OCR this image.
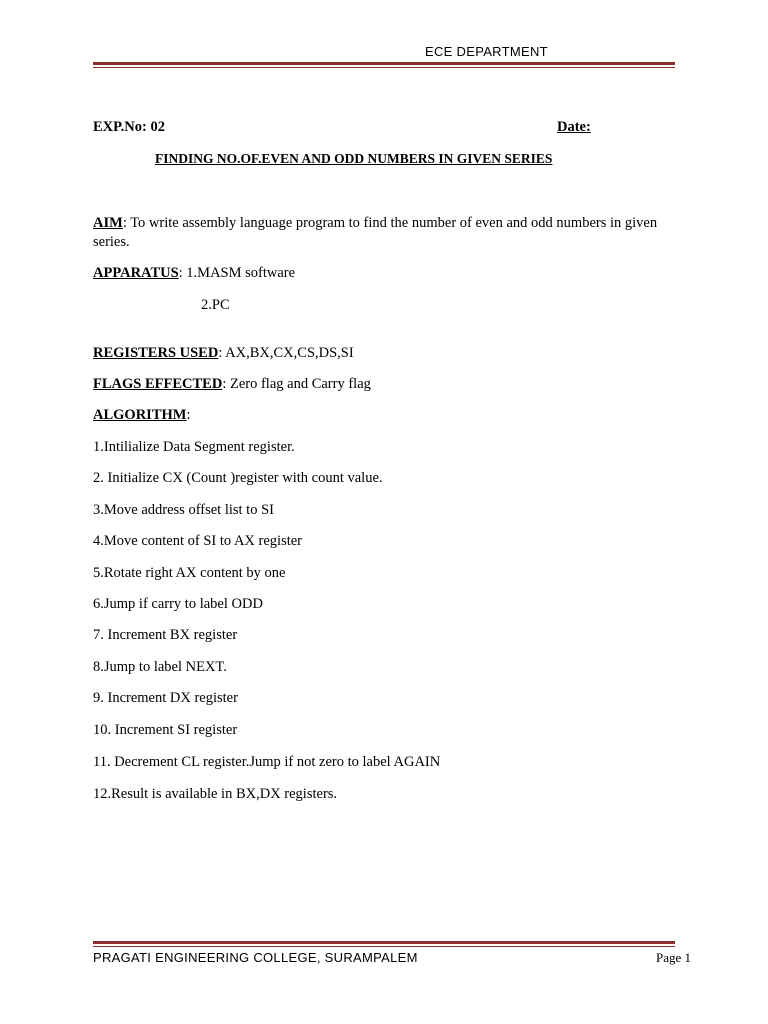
ECE DEPARTMENT
EXP.No: 02	Date:
FINDING NO.OF.EVEN AND ODD NUMBERS IN GIVEN SERIES
AIM: To write assembly language program to find the number of even and odd numbers in given series.
APPARATUS: 1.MASM software
2.PC
REGISTERS USED: AX,BX,CX,CS,DS,SI
FLAGS EFFECTED: Zero flag and Carry flag
ALGORITHM:
1.Intilialize Data Segment register.
2. Initialize CX (Count )register with count value.
3.Move address offset list to SI
4.Move content of SI to AX register
5.Rotate right AX content by one
6.Jump if carry to label ODD
7. Increment BX register
8.Jump to label NEXT.
9. Increment DX register
10. Increment SI register
11. Decrement CL register.Jump if not zero to label AGAIN
12.Result is available in BX,DX registers.
PRAGATI ENGINEERING COLLEGE, SURAMPALEM	Page 1
